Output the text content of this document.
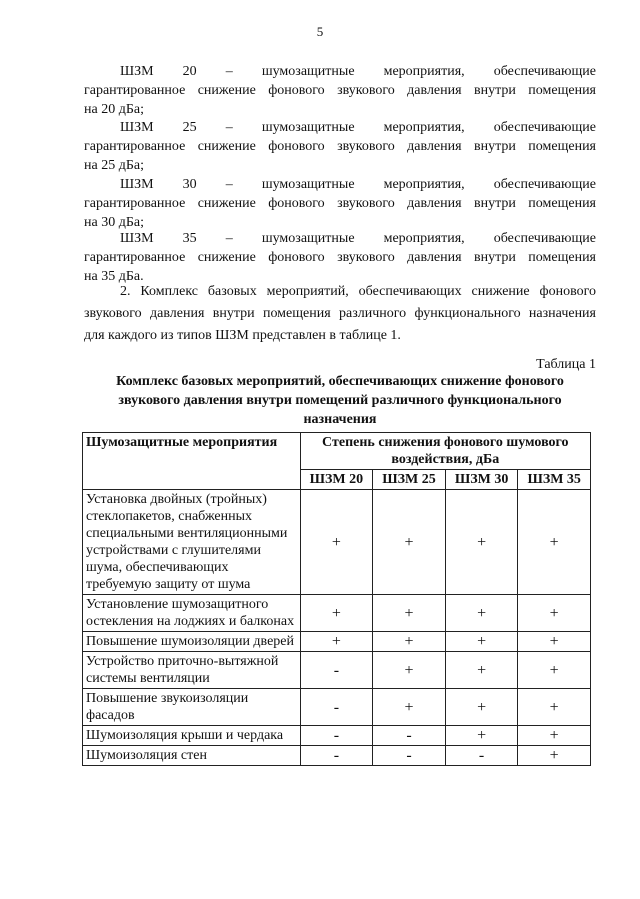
5
ШЗМ 20 – шумозащитные мероприятия, обеспечивающие
гарантированное снижение фонового звукового давления внутри помещения
на 20 дБа;
ШЗМ 25 – шумозащитные мероприятия, обеспечивающие
гарантированное снижение фонового звукового давления внутри помещения
на 25 дБа;
ШЗМ 30 – шумозащитные мероприятия, обеспечивающие
гарантированное снижение фонового звукового давления внутри помещения
на 30 дБа;
ШЗМ 35 – шумозащитные мероприятия, обеспечивающие
гарантированное снижение фонового звукового давления внутри помещения
на 35 дБа.
2. Комплекс базовых мероприятий, обеспечивающих снижение фонового
звукового давления внутри помещения различного функционального назначения
для каждого из типов ШЗМ представлен в таблице 1.
Таблица 1
Комплекс базовых мероприятий, обеспечивающих снижение фонового
звукового давления внутри помещений различного функционального
назначения
Шумозащитные мероприятия	Степень снижения фонового шумового воздействия, дБа			
	ШЗМ 20	ШЗМ 25	ШЗМ 30	ШЗМ 35
Установка двойных (тройных) стеклопакетов, снабженных специальными вентиляционными устройствами с глушителями шума, обеспечивающих требуемую защиту от шума	+	+	+	+
Установление шумозащитного остекления на лоджиях и балконах	+	+	+	+
Повышение шумоизоляции дверей	+	+	+	+
Устройство приточно-вытяжной системы вентиляции	-	+	+	+
Повышение звукоизоляции фасадов	-	+	+	+
Шумоизоляция крыши и чердака	-	-	+	+
Шумоизоляция стен	-	-	-	+
